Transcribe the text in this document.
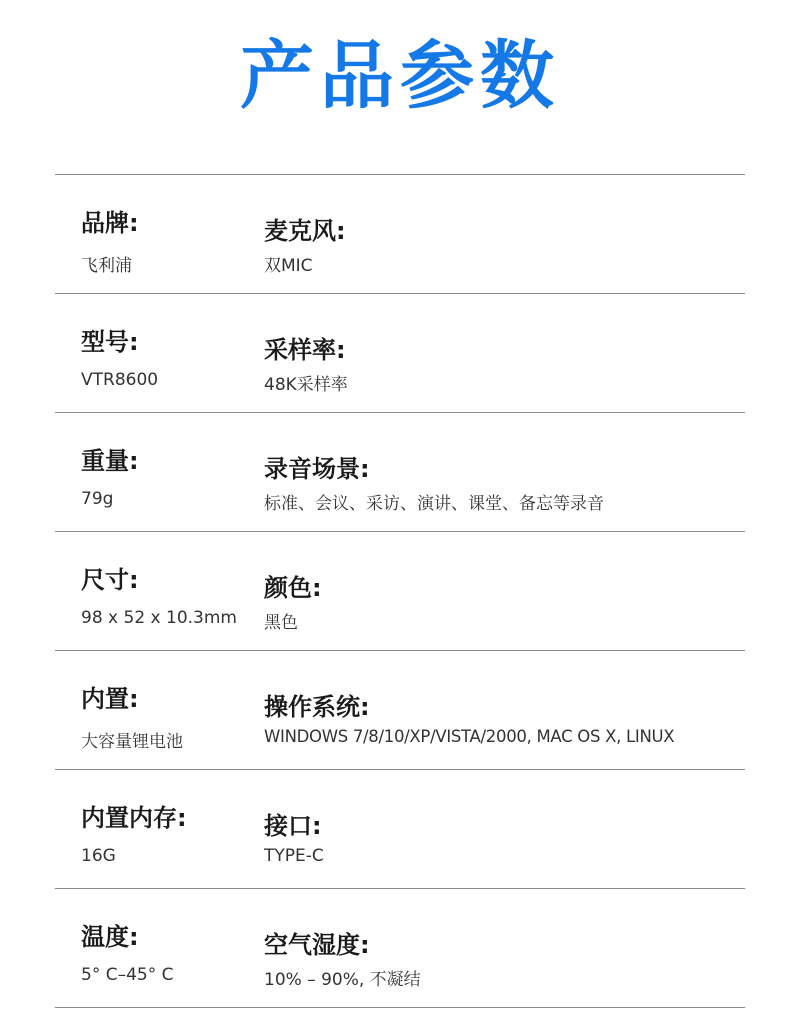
产品参数
品牌:
飞利浦
麦克风:
双MIC
型号:
VTR8600
采样率:
48K采样率
重量:
79g
录音场景:
标准、会议、采访、演讲、课堂、备忘等录音
尺寸:
98 x 52 x 10.3mm
颜色:
黑色
内置:
大容量锂电池
操作系统:
WINDOWS 7/8/10/XP/VISTA/2000, MAC OS X, LINUX
内置内存:
16G
接口:
TYPE-C
温度:
5° C–45° C
空气湿度:
10% – 90%, 不凝结
